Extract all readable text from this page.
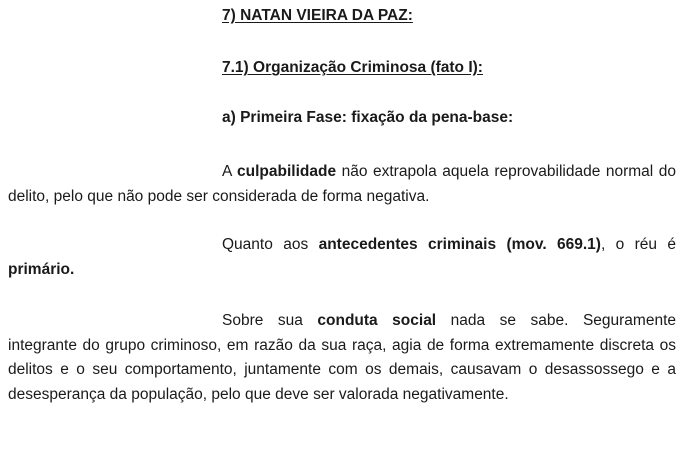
7) NATAN VIEIRA DA PAZ:
7.1) Organização Criminosa (fato I):
a) Primeira Fase: fixação da pena-base:

A culpabilidade não extrapola aquela reprovabilidade normal do delito, pelo que não pode ser considerada de forma negativa.

Quanto aos antecedentes criminais (mov. 669.1), o réu é primário.

Sobre sua conduta social nada se sabe. Seguramente integrante do grupo criminoso, em razão da sua raça, agia de forma extremamente discreta os delitos e o seu comportamento, juntamente com os demais, causavam o desassossego e a desesperança da população, pelo que deve ser valorada negativamente.
